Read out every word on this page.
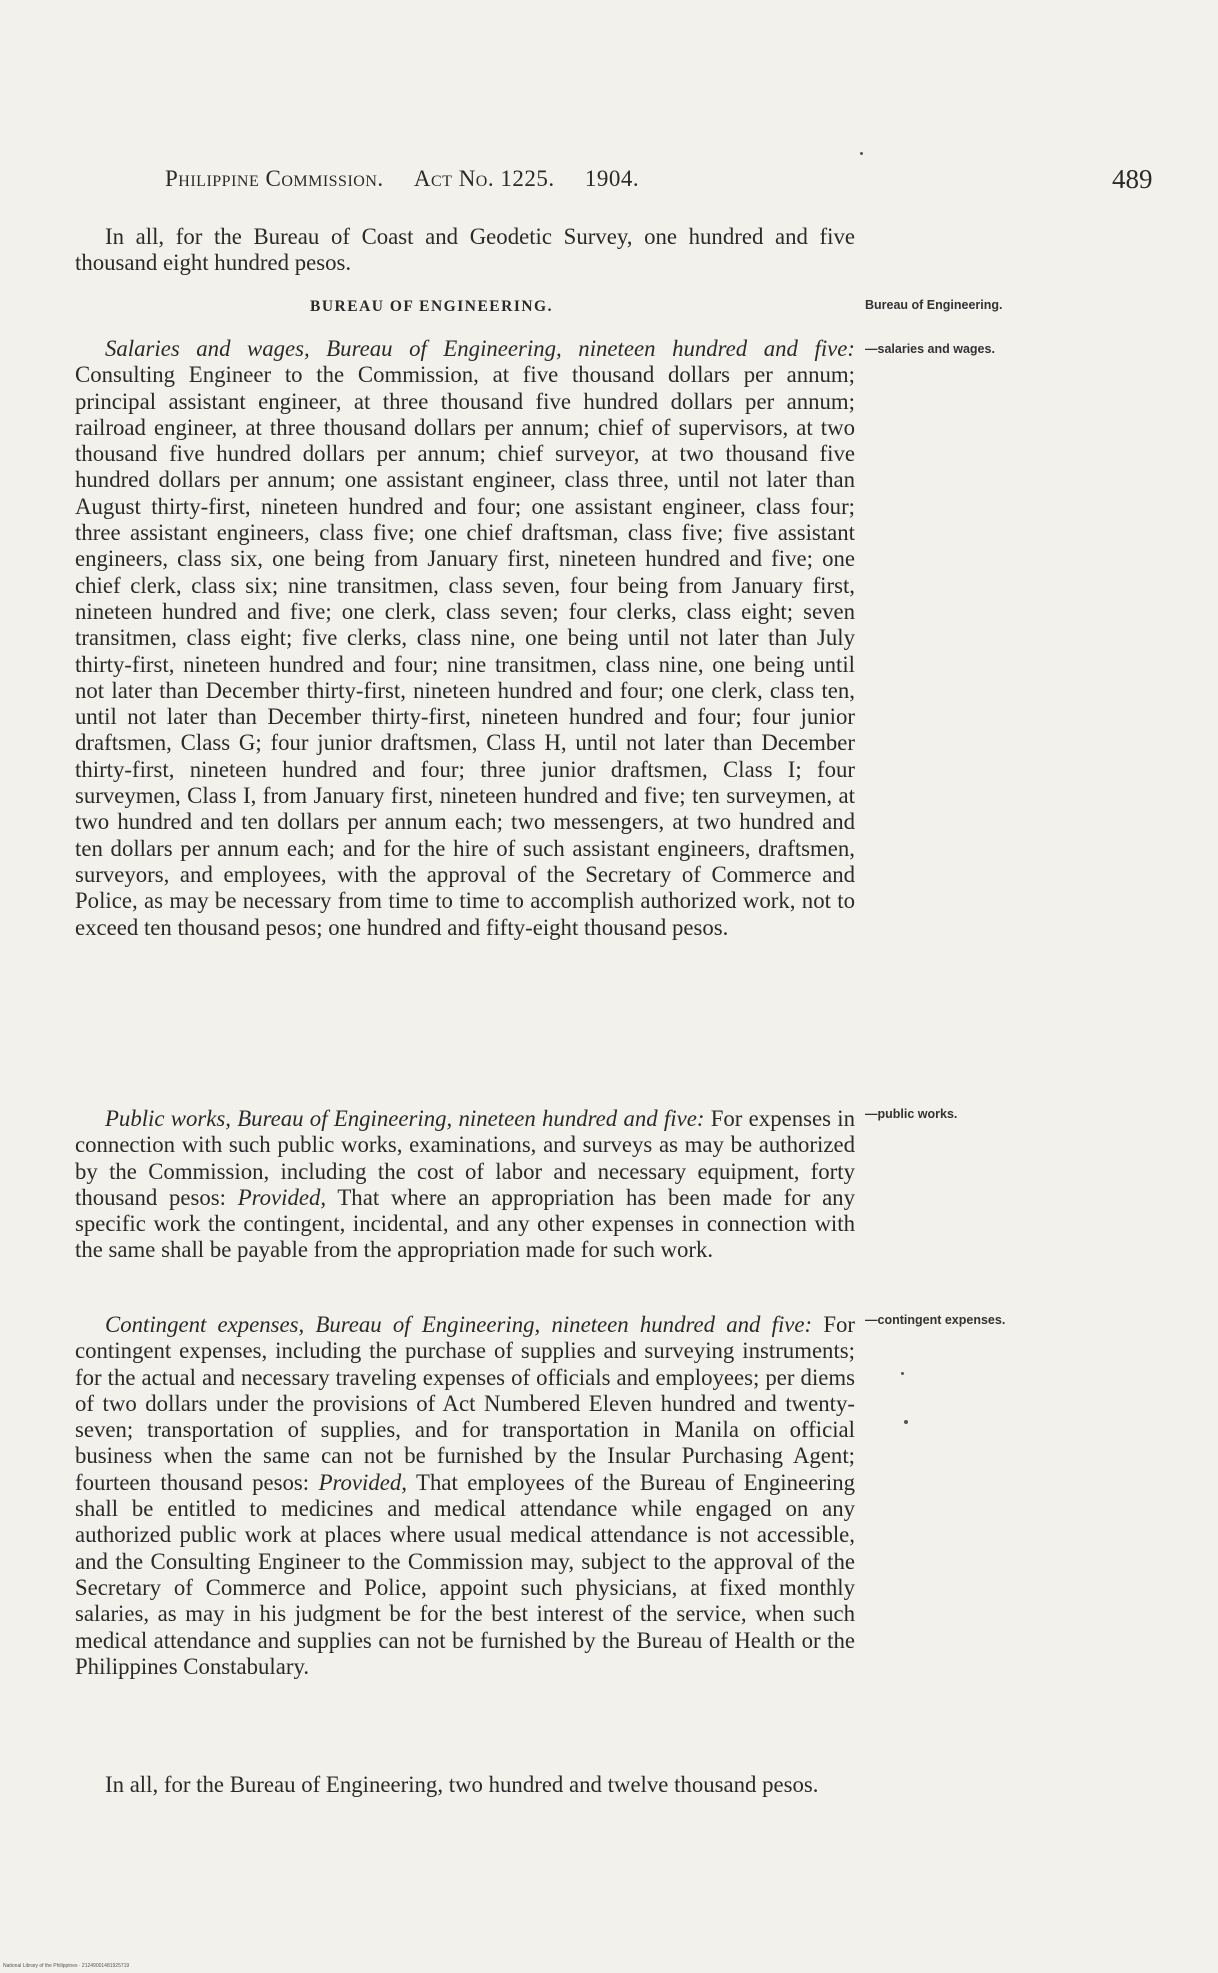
Philippine Commission. Act No. 1225. 1904.	489

In all, for the Bureau of Coast and Geodetic Survey, one hundred and five thousand eight hundred pesos.

BUREAU OF ENGINEERING.	Bureau of Engineering.
—salaries and wages.
—public works.
—contingent expenses.

Salaries and wages, Bureau of Engineering, nineteen hundred and five: Consulting Engineer to the Commission, at five thousand dollars per annum; principal assistant engineer, at three thousand five hundred dollars per annum; railroad engineer, at three thousand dollars per annum; chief of supervisors, at two thousand five hundred dollars per annum; chief surveyor, at two thousand five hundred dollars per annum; one assistant engineer, class three, until not later than August thirty-first, nineteen hundred and four; one assistant engineer, class four; three assistant engineers, class five; one chief draftsman, class five; five assistant engineers, class six, one being from January first, nineteen hundred and five; one chief clerk, class six; nine transitmen, class seven, four being from January first, nineteen hundred and five; one clerk, class seven; four clerks, class eight; seven transitmen, class eight; five clerks, class nine, one being until not later than July thirty-first, nineteen hundred and four; nine transitmen, class nine, one being until not later than December thirty-first, nineteen hundred and four; one clerk, class ten, until not later than December thirty-first, nineteen hundred and four; four junior draftsmen, Class G; four junior draftsmen, Class H, until not later than December thirty-first, nineteen hundred and four; three junior draftsmen, Class I; four surveymen, Class I, from January first, nineteen hundred and five; ten surveymen, at two hundred and ten dollars per annum each; two messengers, at two hundred and ten dollars per annum each; and for the hire of such assistant engineers, draftsmen, surveyors, and employees, with the approval of the Secretary of Commerce and Police, as may be necessary from time to time to accomplish authorized work, not to exceed ten thousand pesos; one hundred and fifty-eight thousand pesos.

Public works, Bureau of Engineering, nineteen hundred and five: For expenses in connection with such public works, examinations, and surveys as may be authorized by the Commission, including the cost of labor and necessary equipment, forty thousand pesos: Provided, That where an appropriation has been made for any specific work the contingent, incidental, and any other expenses in connection with the same shall be payable from the appropriation made for such work.

Contingent expenses, Bureau of Engineering, nineteen hundred and five: For contingent expenses, including the purchase of supplies and surveying instruments; for the actual and necessary traveling expenses of officials and employees; per diems of two dollars under the provisions of Act Numbered Eleven hundred and twenty-seven; transportation of supplies, and for transportation in Manila on official business when the same can not be furnished by the Insular Purchasing Agent; fourteen thousand pesos: Provided, That employees of the Bureau of Engineering shall be entitled to medicines and medical attendance while engaged on any authorized public work at places where usual medical attendance is not accessible, and the Consulting Engineer to the Commission may, subject to the approval of the Secretary of Commerce and Police, appoint such physicians, at fixed monthly salaries, as may in his judgment be for the best interest of the service, when such medical attendance and supplies can not be furnished by the Bureau of Health or the Philippines Constabulary.

In all, for the Bureau of Engineering, two hundred and twelve thousand pesos.

National Library of the Philippines · 21249001481925719
